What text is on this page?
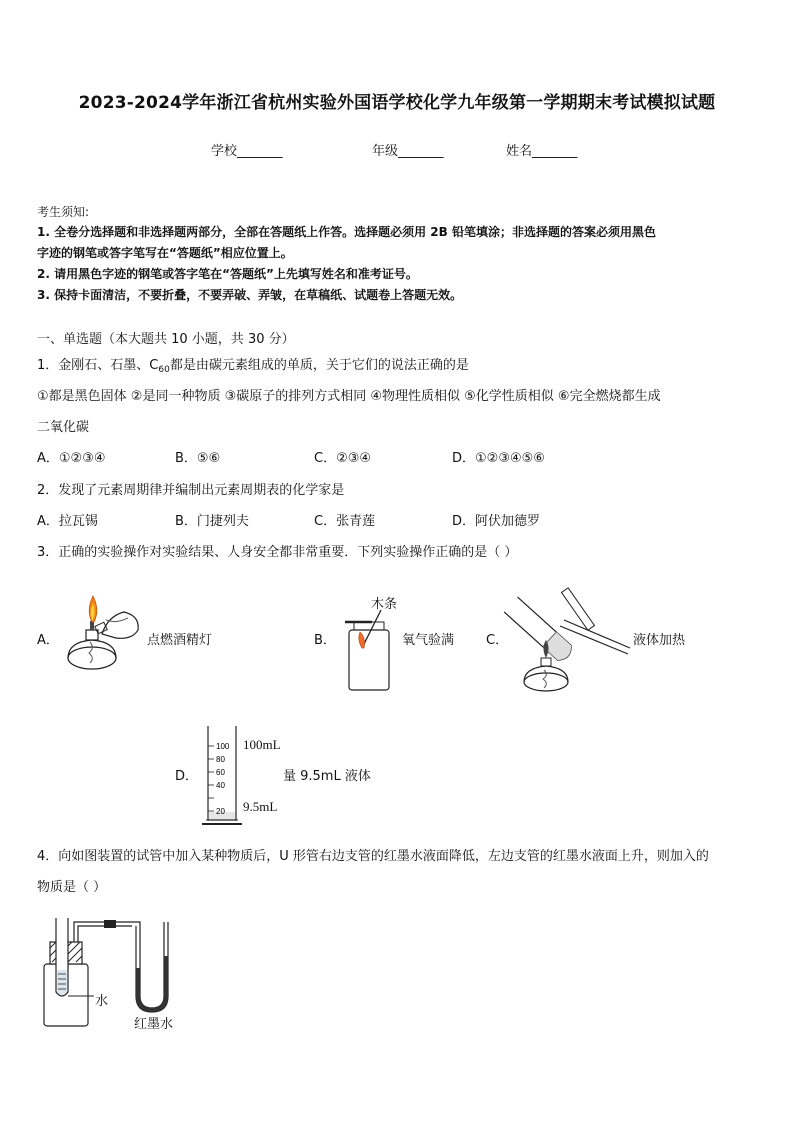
2023-2024学年浙江省杭州实验外国语学校化学九年级第一学期期末考试模拟试题
学校_______	年级_______	姓名_______
考生须知:
1. 全卷分选择题和非选择题两部分，全部在答题纸上作答。选择题必须用 2B 铅笔填涂；非选择题的答案必须用黑色
字迹的钢笔或答字笔写在“答题纸”相应位置上。
2. 请用黑色字迹的钢笔或答字笔在“答题纸”上先填写姓名和准考证号。
3. 保持卡面清洁，不要折叠，不要弄破、弄皱，在草稿纸、试题卷上答题无效。
一、单选题（本大题共 10 小题，共 30 分）
1．金刚石、石墨、$C_{60}$都是由碳元素组成的单质，关于它们的说法正确的是
①都是黑色固体 ②是同一种物质 ③碳原子的排列方式相同 ④物理性质相似 ⑤化学性质相似 ⑥完全燃烧都生成
二氧化碳
A．①②③④	B．⑤⑥	C．②③④	D．①②③④⑤⑥
2．发现了元素周期律并编制出元素周期表的化学家是
A．拉瓦锡	B．门捷列夫	C．张青莲	D．阿伏加德罗
3．正确的实验操作对实验结果、人身安全都非常重要．下列实验操作正确的是（ ）
A．	点燃酒精灯	B．
木条
氧气验满 C．	液体加热
D．
100
80
60
40
20
100mL
量 9.5mL 液体
9.5mL
4．向如图装置的试管中加入某种物质后，U 形管右边支管的红墨水液面降低，左边支管的红墨水液面上升，则加入的
物质是（ ）
水
红墨水
